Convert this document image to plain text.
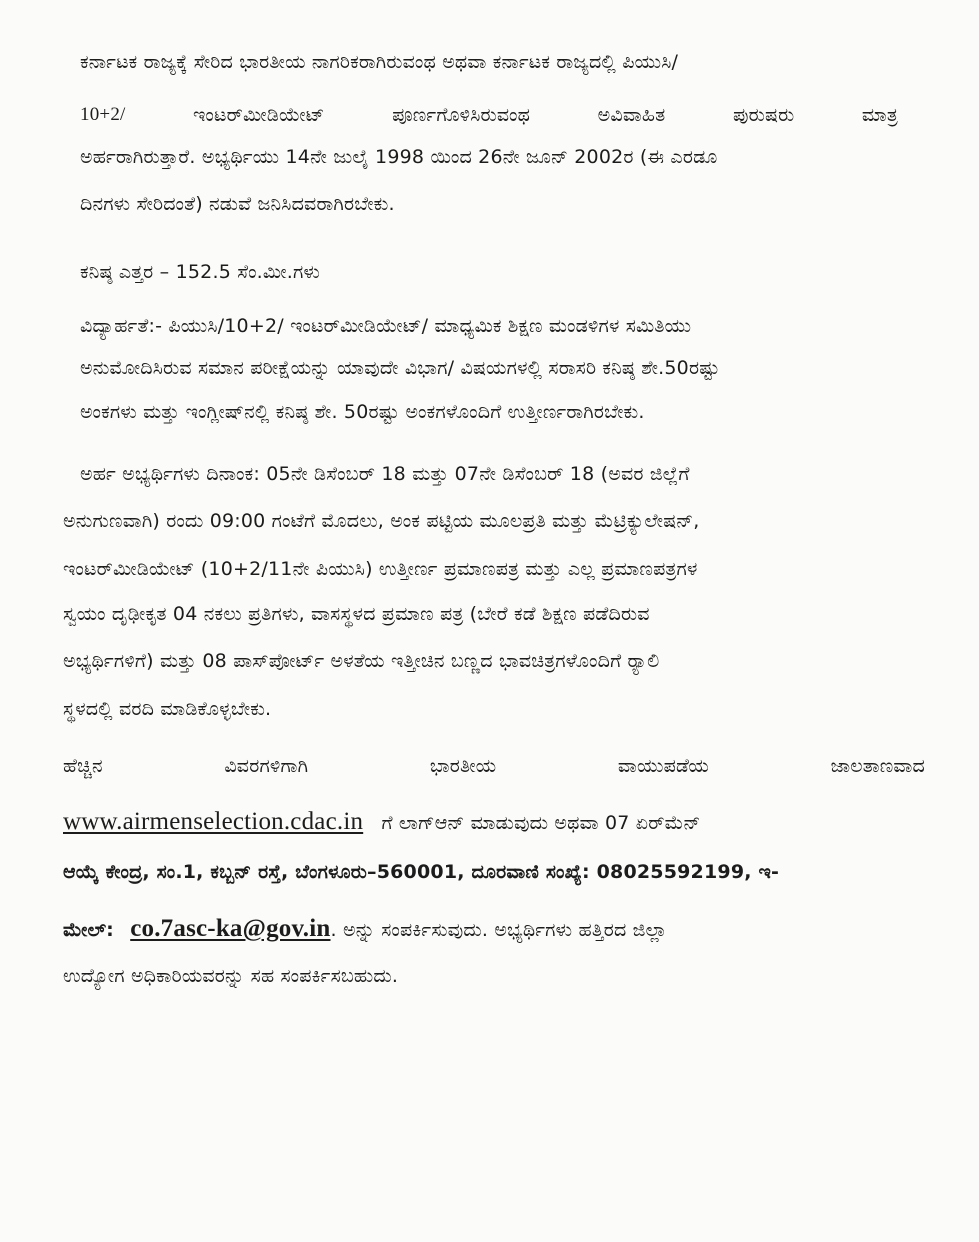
ಕರ್ನಾಟಕ ರಾಜ್ಯಕ್ಕೆ ಸೇರಿದ ಭಾರತೀಯ ನಾಗರಿಕರಾಗಿರುವಂಥ ಅಥವಾ ಕರ್ನಾಟಕ ರಾಜ್ಯದಲ್ಲಿ ಪಿಯುಸಿ/
10+2/	ಇಂಟರ್‌ಮೀಡಿಯೇಟ್	ಪೂರ್ಣಗೊಳಿಸಿರುವಂಥ	ಅವಿವಾಹಿತ	ಪುರುಷರು	ಮಾತ್ರ
ಅರ್ಹರಾಗಿರುತ್ತಾರೆ. ಅಭ್ಯರ್ಥಿಯು 14ನೇ ಜುಲೈ 1998 ಯಿಂದ 26ನೇ ಜೂನ್ 2002ರ (ಈ ಎರಡೂ
ದಿನಗಳು ಸೇರಿದಂತೆ) ನಡುವೆ ಜನಿಸಿದವರಾಗಿರಬೇಕು.
ಕನಿಷ್ಠ ಎತ್ತರ – 152.5 ಸೆಂ.ಮೀ.ಗಳು
ವಿದ್ಯಾರ್ಹತೆ:- ಪಿಯುಸಿ/10+2/ ಇಂಟರ್‌ಮೀಡಿಯೇಟ್/ ಮಾಧ್ಯಮಿಕ ಶಿಕ್ಷಣ ಮಂಡಳಿಗಳ ಸಮಿತಿಯು
ಅನುಮೋದಿಸಿರುವ ಸಮಾನ ಪರೀಕ್ಷೆಯನ್ನು ಯಾವುದೇ ವಿಭಾಗ/ ವಿಷಯಗಳಲ್ಲಿ ಸರಾಸರಿ ಕನಿಷ್ಠ ಶೇ.50ರಷ್ಟು
ಅಂಕಗಳು ಮತ್ತು ಇಂಗ್ಲೀಷ್‌ನಲ್ಲಿ ಕನಿಷ್ಠ ಶೇ. 50ರಷ್ಟು ಅಂಕಗಳೊಂದಿಗೆ ಉತ್ತೀರ್ಣರಾಗಿರಬೇಕು.
ಅರ್ಹ ಅಭ್ಯರ್ಥಿಗಳು ದಿನಾಂಕ: 05ನೇ ಡಿಸೆಂಬರ್ 18 ಮತ್ತು 07ನೇ ಡಿಸೆಂಬರ್ 18 (ಅವರ ಜಿಲ್ಲೆಗೆ
ಅನುಗುಣವಾಗಿ) ರಂದು 09:00 ಗಂಟೆಗೆ ಮೊದಲು, ಅಂಕ ಪಟ್ಟಿಯ ಮೂಲಪ್ರತಿ ಮತ್ತು ಮೆಟ್ರಿಕ್ಯುಲೇಷನ್,
ಇಂಟರ್‌ಮೀಡಿಯೇಟ್ (10+2/11ನೇ ಪಿಯುಸಿ) ಉತ್ತೀರ್ಣ ಪ್ರಮಾಣಪತ್ರ ಮತ್ತು ಎಲ್ಲ ಪ್ರಮಾಣಪತ್ರಗಳ
ಸ್ವಯಂ ದೃಢೀಕೃತ 04 ನಕಲು ಪ್ರತಿಗಳು, ವಾಸಸ್ಥಳದ ಪ್ರಮಾಣ ಪತ್ರ (ಬೇರೆ ಕಡೆ ಶಿಕ್ಷಣ ಪಡೆದಿರುವ
ಅಭ್ಯರ್ಥಿಗಳಿಗೆ) ಮತ್ತು 08 ಪಾಸ್‌ಪೋರ್ಟ್ ಅಳತೆಯ ಇತ್ತೀಚಿನ ಬಣ್ಣದ ಭಾವಚಿತ್ರಗಳೊಂದಿಗೆ ರ‍್ಯಾಲಿ
ಸ್ಥಳದಲ್ಲಿ ವರದಿ ಮಾಡಿಕೊಳ್ಳಬೇಕು.
ಹೆಚ್ಚಿನ	ವಿವರಗಳಿಗಾಗಿ	ಭಾರತೀಯ	ವಾಯುಪಡೆಯ	ಜಾಲತಾಣವಾದ
www.airmenselection.cdac.in ಗೆ ಲಾಗ್‌ಆನ್ ಮಾಡುವುದು ಅಥವಾ 07 ಏರ್‌ಮೆನ್
ಆಯ್ಕೆ ಕೇಂದ್ರ, ಸಂ.1, ಕಬ್ಬನ್ ರಸ್ತೆ, ಬೆಂಗಳೂರು–560001, ದೂರವಾಣಿ ಸಂಖ್ಯೆ: 08025592199, ಇ-
ಮೇಲ್: co.7asc-ka@gov.in. ಅನ್ನು ಸಂಪರ್ಕಿಸುವುದು. ಅಭ್ಯರ್ಥಿಗಳು ಹತ್ತಿರದ ಜಿಲ್ಲಾ
ಉದ್ಯೋಗ ಅಧಿಕಾರಿಯವರನ್ನು ಸಹ ಸಂಪರ್ಕಿಸಬಹುದು.
